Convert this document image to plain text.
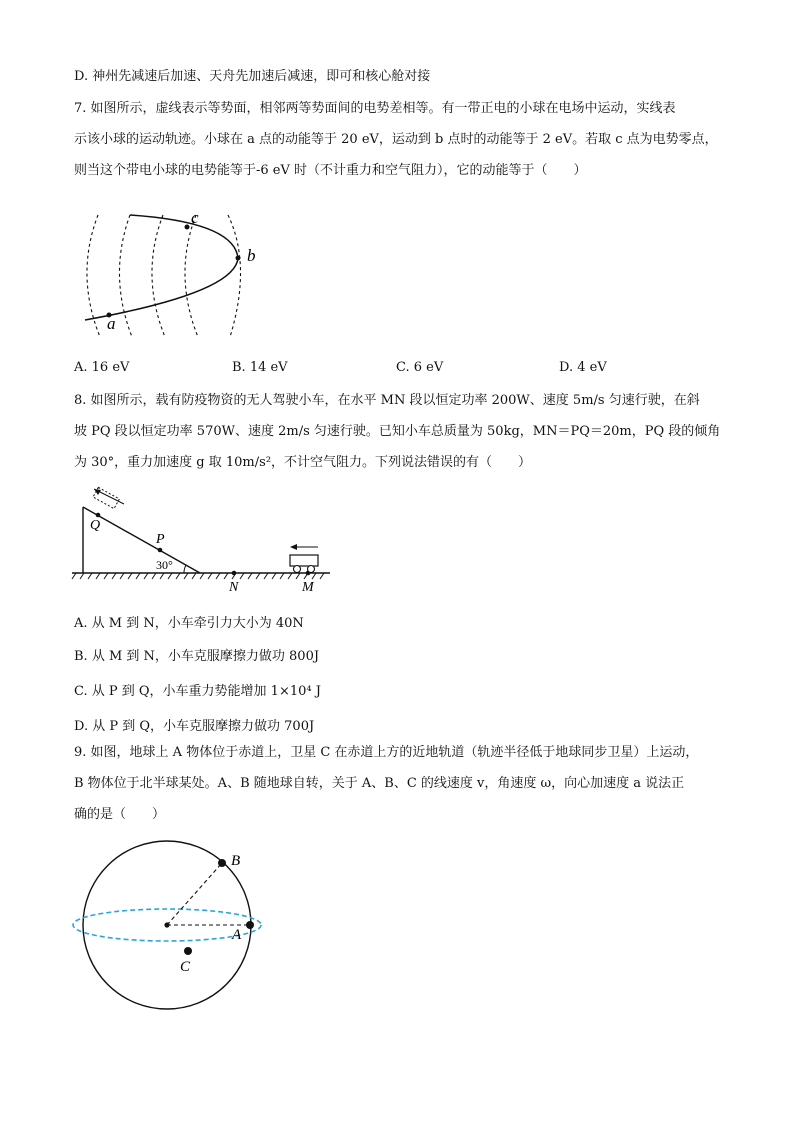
D. 神州先减速后加速、天舟先加速后减速，即可和核心舱对接
7. 如图所示，虚线表示等势面，相邻两等势面间的电势差相等。有一带正电的小球在电场中运动，实线表
示该小球的运动轨迹。小球在 a 点的动能等于 20 eV，运动到 b 点时的动能等于 2 eV。若取 c 点为电势零点，
则当这个带电小球的电势能等于-6 eV 时（不计重力和空气阻力），它的动能等于（　　）
a
b
c
A. 16 eV	B. 14 eV	C. 6 eV	D. 4 eV
8. 如图所示，载有防疫物资的无人驾驶小车，在水平 MN 段以恒定功率 200W、速度 5m/s 匀速行驶，在斜
坡 PQ 段以恒定功率 570W、速度 2m/s 匀速行驶。已知小车总质量为 50kg，MN＝PQ＝20m，PQ 段的倾角
为 30°，重力加速度 g 取 10m/s²，不计空气阻力。下列说法错误的有（　　）
30°
Q
P
N	M
A. 从 M 到 N，小车牵引力大小为 40N
B. 从 M 到 N，小车克服摩擦力做功 800J
C. 从 P 到 Q，小车重力势能增加 1×10⁴ J
D. 从 P 到 Q，小车克服摩擦力做功 700J
9. 如图，地球上 A 物体位于赤道上，卫星 C 在赤道上方的近地轨道（轨迹半径低于地球同步卫星）上运动，
B 物体位于北半球某处。A、B 随地球自转，关于 A、B、C 的线速度 v，角速度 ω，向心加速度 a 说法正
确的是（　　）
A
B
C
